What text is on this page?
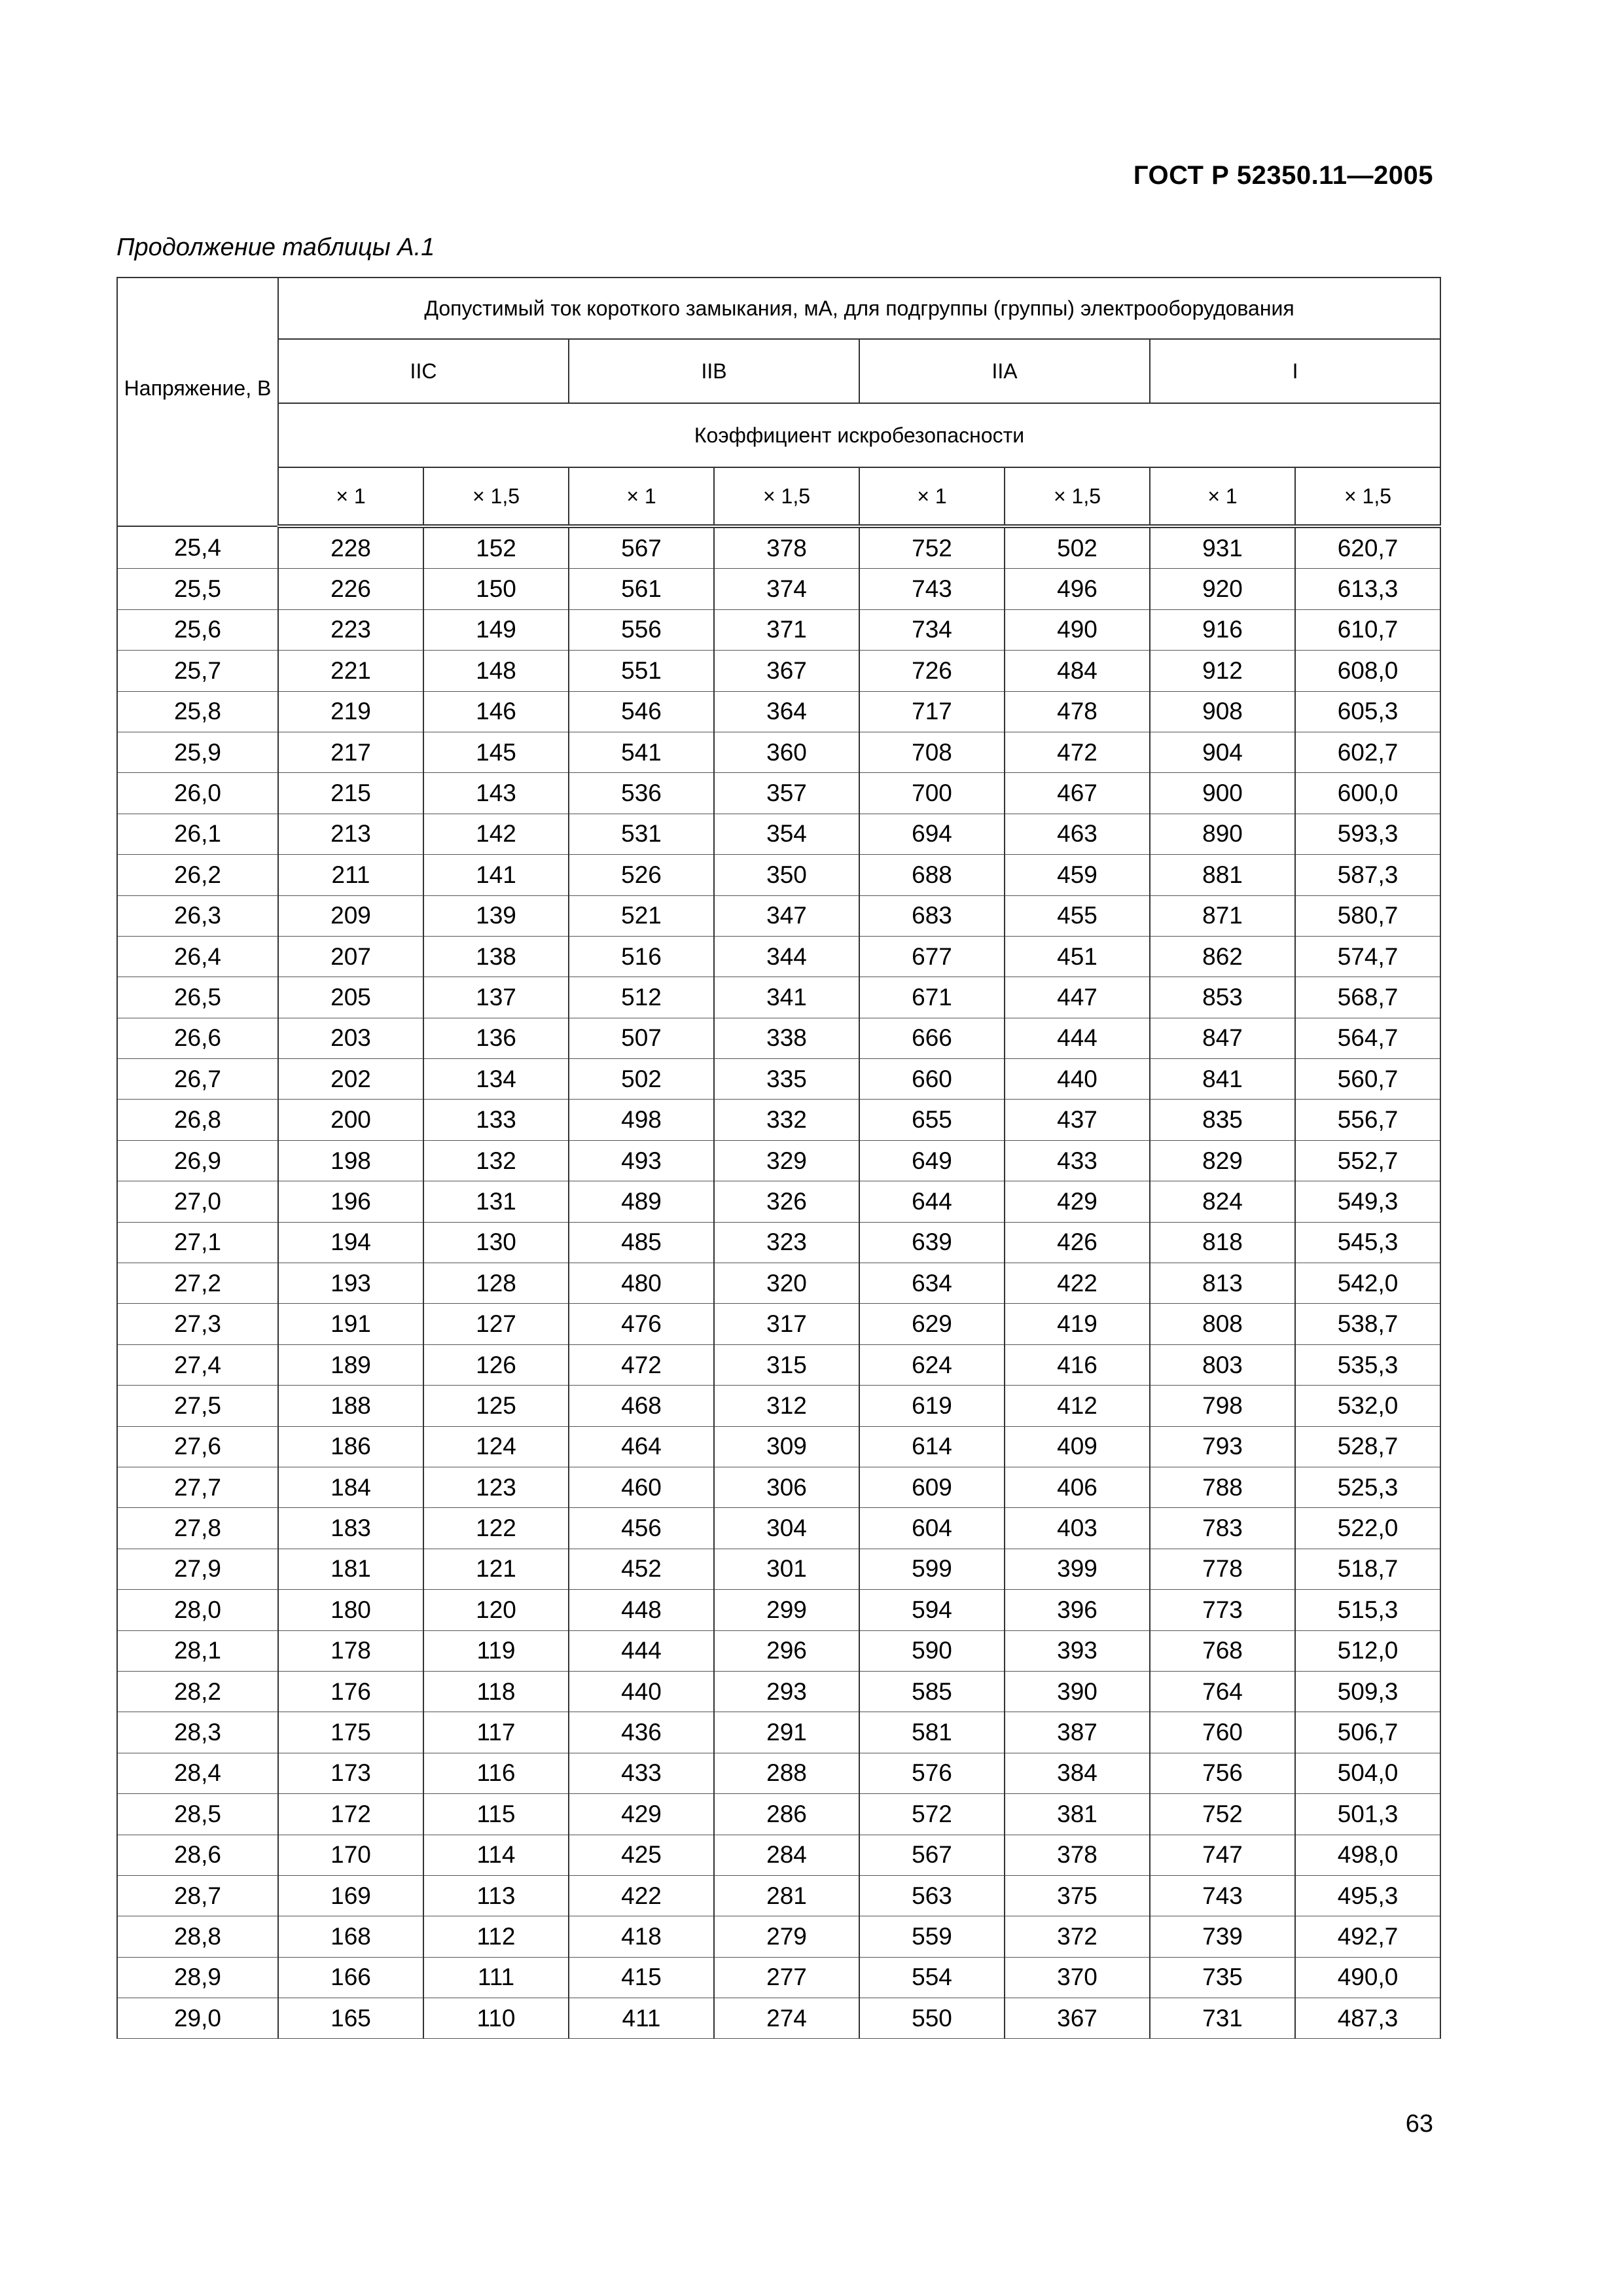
ГОСТ Р 52350.11—2005
Продолжение таблицы А.1
Напряжение, В	Допустимый ток короткого замыкания, мА, для подгруппы (группы) электрооборудования							
	IIC		IIB		IIA		I	
	Коэффициент искробезопасности							
	× 1	× 1,5	× 1	× 1,5	× 1	× 1,5	× 1	× 1,5
25,4	228	152	567	378	752	502	931	620,7
25,5	226	150	561	374	743	496	920	613,3
25,6	223	149	556	371	734	490	916	610,7
25,7	221	148	551	367	726	484	912	608,0
25,8	219	146	546	364	717	478	908	605,3
25,9	217	145	541	360	708	472	904	602,7
26,0	215	143	536	357	700	467	900	600,0
26,1	213	142	531	354	694	463	890	593,3
26,2	211	141	526	350	688	459	881	587,3
26,3	209	139	521	347	683	455	871	580,7
26,4	207	138	516	344	677	451	862	574,7
26,5	205	137	512	341	671	447	853	568,7
26,6	203	136	507	338	666	444	847	564,7
26,7	202	134	502	335	660	440	841	560,7
26,8	200	133	498	332	655	437	835	556,7
26,9	198	132	493	329	649	433	829	552,7
27,0	196	131	489	326	644	429	824	549,3
27,1	194	130	485	323	639	426	818	545,3
27,2	193	128	480	320	634	422	813	542,0
27,3	191	127	476	317	629	419	808	538,7
27,4	189	126	472	315	624	416	803	535,3
27,5	188	125	468	312	619	412	798	532,0
27,6	186	124	464	309	614	409	793	528,7
27,7	184	123	460	306	609	406	788	525,3
27,8	183	122	456	304	604	403	783	522,0
27,9	181	121	452	301	599	399	778	518,7
28,0	180	120	448	299	594	396	773	515,3
28,1	178	119	444	296	590	393	768	512,0
28,2	176	118	440	293	585	390	764	509,3
28,3	175	117	436	291	581	387	760	506,7
28,4	173	116	433	288	576	384	756	504,0
28,5	172	115	429	286	572	381	752	501,3
28,6	170	114	425	284	567	378	747	498,0
28,7	169	113	422	281	563	375	743	495,3
28,8	168	112	418	279	559	372	739	492,7
28,9	166	111	415	277	554	370	735	490,0
29,0	165	110	411	274	550	367	731	487,3
63
